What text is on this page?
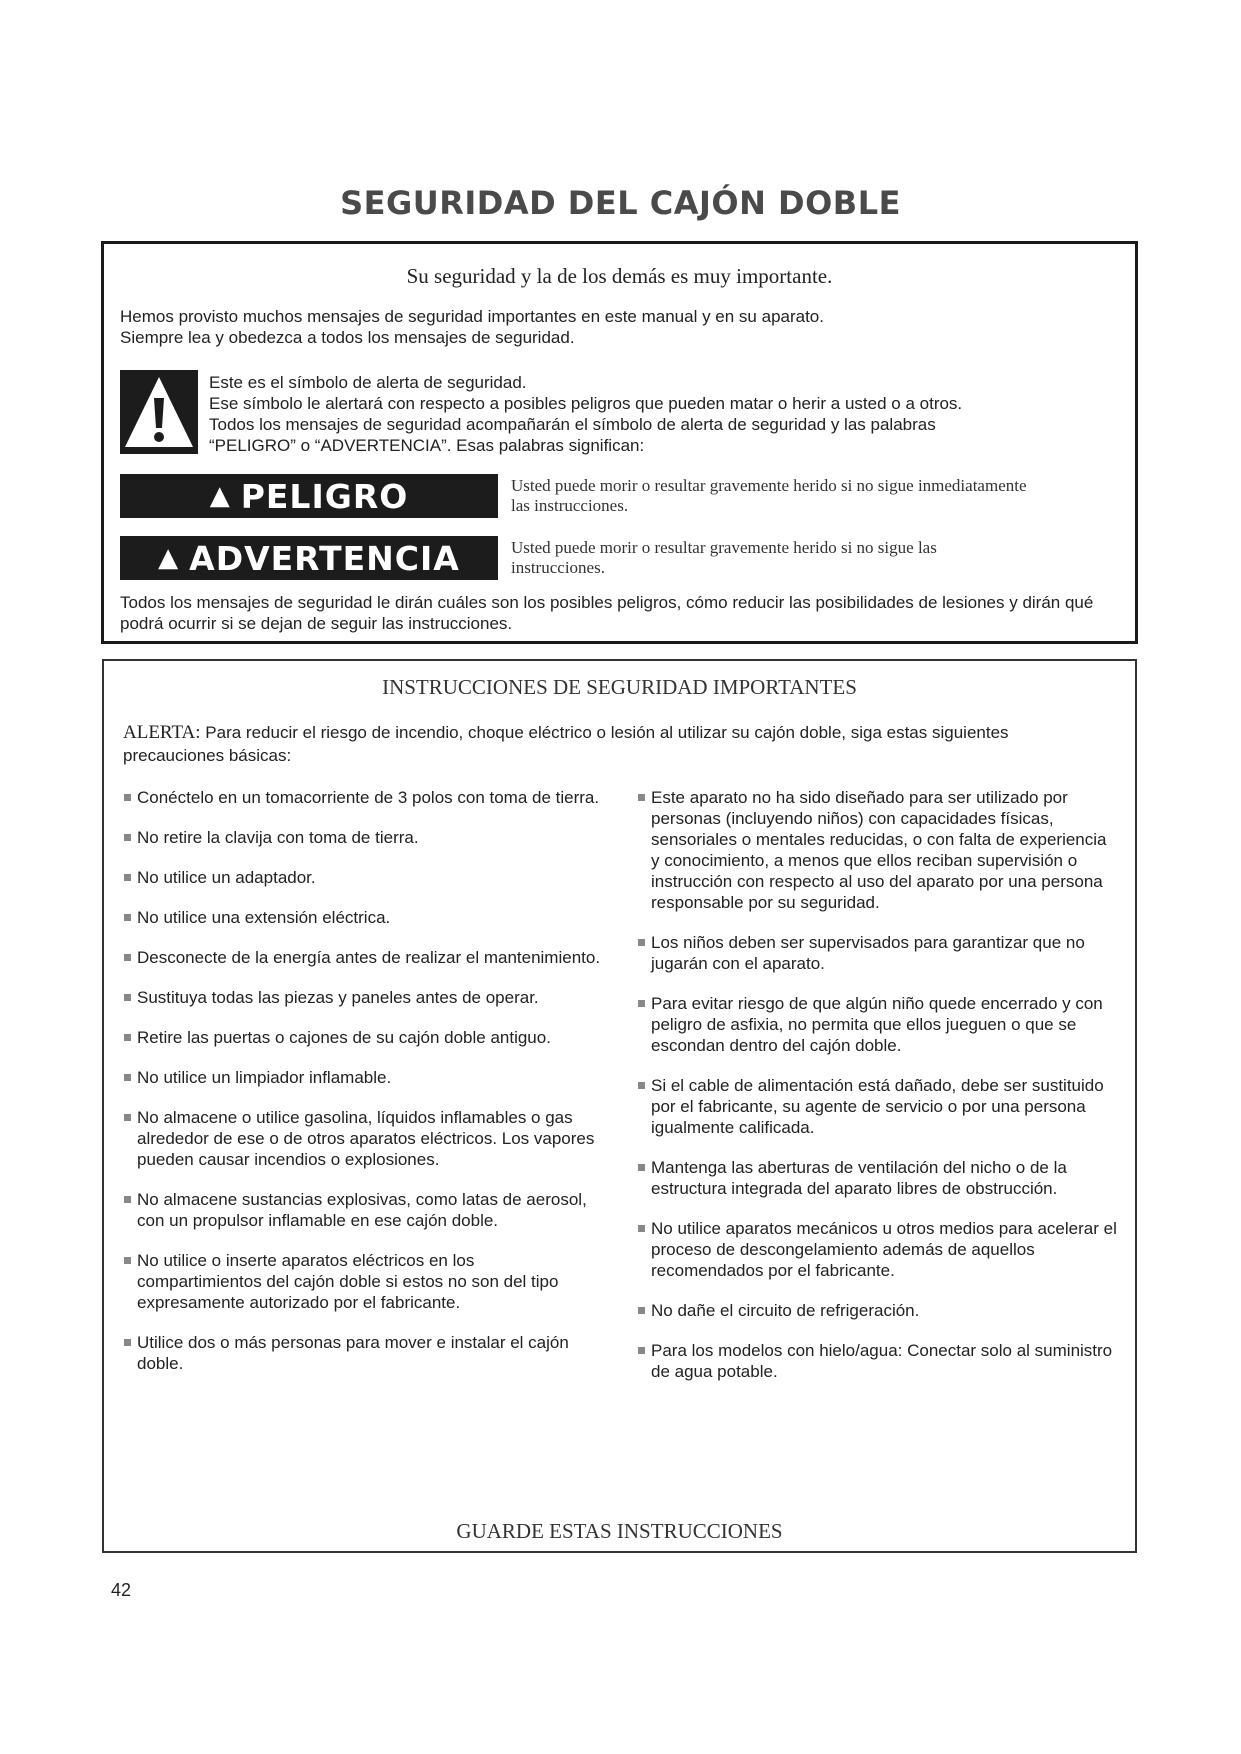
SEGURIDAD DEL CAJÓN DOBLE
Su seguridad y la de los demás es muy importante.
Hemos provisto muchos mensajes de seguridad importantes en este manual y en su aparato.
Siempre lea y obedezca a todos los mensajes de seguridad.
Este es el símbolo de alerta de seguridad.
Ese símbolo le alertará con respecto a posibles peligros que pueden matar o herir a usted o a otros.
Todos los mensajes de seguridad acompañarán el símbolo de alerta de seguridad y las palabras
“PELIGRO” o “ADVERTENCIA”. Esas palabras significan:
▲ PELIGRO	Usted puede morir o resultar gravemente herido si no sigue inmediatamente las instrucciones.
▲ ADVERTENCIA	Usted puede morir o resultar gravemente herido si no sigue las instrucciones.
Todos los mensajes de seguridad le dirán cuáles son los posibles peligros, cómo reducir las posibilidades de lesiones y dirán qué podrá ocurrir si se dejan de seguir las instrucciones.
INSTRUCCIONES DE SEGURIDAD IMPORTANTES
ALERTA: Para reducir el riesgo de incendio, choque eléctrico o lesión al utilizar su cajón doble, siga estas siguientes precauciones básicas:
Conéctelo en un tomacorriente de 3 polos con toma de tierra.
No retire la clavija con toma de tierra.
No utilice un adaptador.
No utilice una extensión eléctrica.
Desconecte de la energía antes de realizar el mantenimiento.
Sustituya todas las piezas y paneles antes de operar.
Retire las puertas o cajones de su cajón doble antiguo.
No utilice un limpiador inflamable.
No almacene o utilice gasolina, líquidos inflamables o gas alrededor de ese o de otros aparatos eléctricos. Los vapores pueden causar incendios o explosiones.
No almacene sustancias explosivas, como latas de aerosol, con un propulsor inflamable en ese cajón doble.
No utilice o inserte aparatos eléctricos en los compartimientos del cajón doble si estos no son del tipo expresamente autorizado por el fabricante.
Utilice dos o más personas para mover e instalar el cajón doble.
Este aparato no ha sido diseñado para ser utilizado por personas (incluyendo niños) con capacidades físicas, sensoriales o mentales reducidas, o con falta de experiencia y conocimiento, a menos que ellos reciban supervisión o instrucción con respecto al uso del aparato por una persona responsable por su seguridad.
Los niños deben ser supervisados para garantizar que no jugarán con el aparato.
Para evitar riesgo de que algún niño quede encerrado y con peligro de asfixia, no permita que ellos jueguen o que se escondan dentro del cajón doble.
Si el cable de alimentación está dañado, debe ser sustituido por el fabricante, su agente de servicio o por una persona igualmente calificada.
Mantenga las aberturas de ventilación del nicho o de la estructura integrada del aparato libres de obstrucción.
No utilice aparatos mecánicos u otros medios para acelerar el proceso de descongelamiento además de aquellos recomendados por el fabricante.
No dañe el circuito de refrigeración.
Para los modelos con hielo/agua: Conectar solo al suministro de agua potable.
GUARDE ESTAS INSTRUCCIONES
42
